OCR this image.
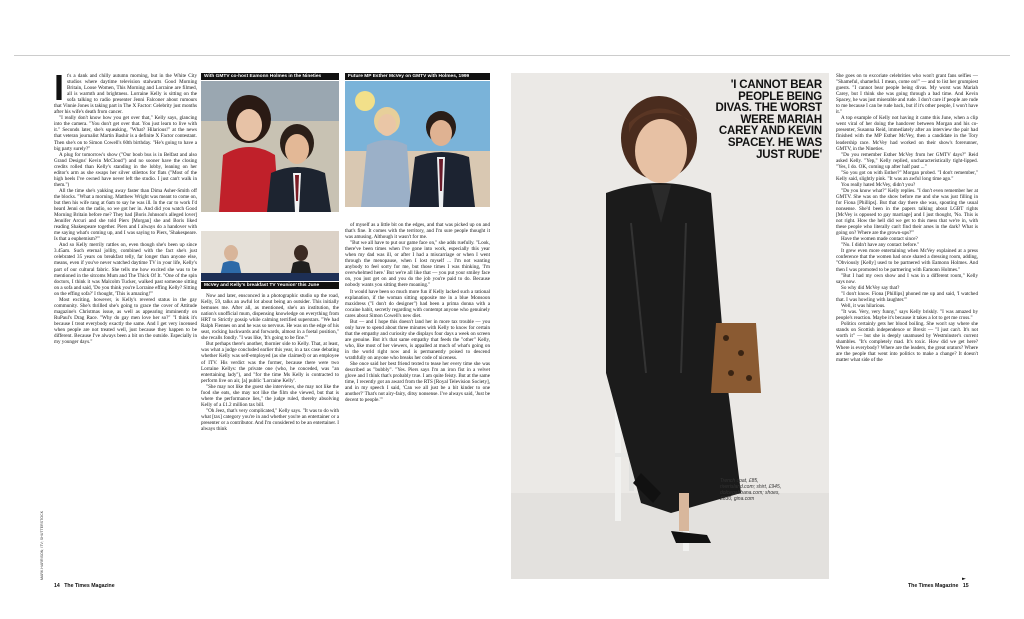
It's a dank and chilly autumn morning, but in the White City studios where daytime television stalwarts Good Morning Britain, Loose Women, This Morning and Lorraine are filmed, all is warmth and brightness. Lorraine Kelly is sitting on the sofa talking to radio presenter Jenni Falconer about rumours that Vinnie Jones is taking part in The X Factor: Celebrity just months after his wife's death from cancer.

"I really don't know how you get over that," Kelly says, glancing into the camera. "You don't get over that. You just learn to live with it." Seconds later, she's squeaking, "What? Hilarious!" at the news that veteran journalist Martin Bashir is a definite X Factor contestant. Then she's on to Simon Cowell's 60th birthday. "He's going to have a big party surely?"

A plug for tomorrow's show ("Our boob bus is in Belfast and also Grand Designs' Kevin McCloud") and no sooner have the closing credits rolled than Kelly's standing in the lobby, leaning on her editor's arm as she swaps her silver stilettos for flats ("Most of the high heels I've owned have never left the studio. I just can't walk in them.")

All the time she's yakking away faster than Dima Asher-Smith off the blocks. "What a morning. Matthew Wright was meant to come on, but then his wife rang at 6am to say he was ill. In the car to work I'd heard Jenni on the radio, so we got her in. And did you watch Good Morning Britain before me? They had [Boris Johnson's alleged lover] Jennifer Arcuri and she told Piers [Morgan] she and Boris liked reading Shakespeare together. Piers and I always do a handover with me saying what's coming up, and I was saying to Piers, 'Shakespeare. Is that a euphemism?'"

And so Kelly merrily rattles on, even though she's been up since 3.45am. Such eternal jollity, combined with the fact she's just celebrated 35 years on breakfast telly, far longer than anyone else, means, even if you've never watched daytime TV in your life, Kelly's part of our cultural fabric. She tells me how excited she was to be mentioned in the sitcoms Mum and The Thick Of It. "One of the spin doctors, I think it was Malcolm Tucker, walked past someone sitting on a sofa and said, 'Do you think you're Lorraine effing Kelly? Sitting on the effing sofa?' I thought, 'This is amazing!'"

Most exciting, however, is Kelly's revered status in the gay community. She's thrilled she's going to grace the cover of Attitude magazine's Christmas issue, as well as appearing imminently on RuPaul's Drag Race. "Why do gay men love her so?" "I think it's because I treat everybody exactly the same. And I get very incensed when people are not treated well, just because they happen to be different. Because I've always been a bit on the outside. Especially in my younger days."

MARK HARRISON; ITV; SHUTTERSTOCK
With GMTV co-host Eamonn Holmes in the Nineties
McVey and Kelly's breakfast TV 'reunion' this June

Now and later, ensconced in a photographic studio up the road, Kelly, 59, talks an awful lot about being an outsider. This initially bemuses me. After all, as mentioned, she's an institution, the nation's unofficial mum, dispensing knowledge on everything from HRT to Strictly gossip while calming terrified superstars. "We had Ralph Fiennes on and he was so nervous. He was on the edge of his seat, rocking backwards and forwards, almost in a foetal position," she recalls fondly. "I was like, 'It's going to be fine.'"

But perhaps there's another, thornier side to Kelly. That, at least, was what a judge concluded earlier this year, in a tax case debating whether Kelly was self-employed (as she claimed) or an employee of ITV. His verdict was the former, because there were two Lorraine Kellys: the private one (who, he conceded, was "an entertaining lady"), and "for the time Ms Kelly is contracted to perform live on air, [a] public 'Lorraine Kelly'.

"She may not like the guest she interviews, she may not like the food she eats, she may not like the film she viewed, but that is where the performance lies," the judge ruled, thereby absolving Kelly of a £1.2 million tax bill.

"Oh Jeez, that's very complicated," Kelly says. "It was to do with what [tax] category you're in and whether you're an entertainer or a presenter or a contributor. And I'm considered to be an entertainer. I always think

Future MP Esther McVey on GMTV with Holmes, 1999

of myself as a little bit on the edges, and that was picked up on and that's fine. It comes with the territory, and I'm sure people thought it was amusing. Although it wasn't for me.

"But we all have to put our game face on," she adds ruefully. "Look, there've been times when I've gone into work, especially this year when my dad was ill, or after I had a miscarriage or when I went through the menopause, when I lost myself ... I'm not wanting anybody to feel sorry for me, but those times I was thinking, 'I'm overwhelmed here.' But we're all like that — you put your smiley face on, you just get on and you do the job you're paid to do. Because nobody wants you sitting there moaning."

It would have been so much more fun if Kelly lacked such a rational explanation, if the woman sitting opposite me in a blue Monsoon maxidress ("I don't do designer") had been a prima donna with a cocaine habit, secretly regarding with contempt anyone who genuinely cares about Simon Cowell's new diet.

But — and I hope this doesn't land her in more tax trouble — you only have to spend about three minutes with Kelly to know for certain that the empathy and curiosity she displays four days a week on screen are genuine. But it's that same empathy that feeds the "other" Kelly, who, like most of her viewers, is appalled at much of what's going on in the world right now and is permanently poised to descend wrathfully on anyone who breaks her code of niceness.

She once said her best friend texted to tease her every time she was described as "bubbly". "Yes. Piers says I'm an iron fist in a velvet glove and I think that's probably true. I am quite feisty. But at the same time, I recently got an award from the RTS [Royal Television Society], and in my speech I said, 'Can we all just be a bit kinder to one another?' That's not airy-fairy, ditsy nonsense. I've always said, 'Just be decent to people.'"

'I CANNOT BEAR PEOPLE BEING DIVAS. THE WORST WERE MARIAH CAREY AND KEVIN SPACEY. HE WAS JUST RUDE'
Trench coat, £85, riverisland.com; shirt, £945, dolcegabbana.com; shoes, £630, gina.com

She goes on to excoriate celebrities who won't grant fans selfies — "Shameful, shameful. I mean, come on!" — and to list her grumpiest guests. "I cannot bear people being divas. My worst was Mariah Carey, but I think she was going through a bad time. And Kevin Spacey, he was just miserable and rude. I don't care if people are rude to me because I can be rude back, but if it's other people, I won't have it."

A top example of Kelly not having it came this June, when a clip went viral of her doing the handover between Morgan and his co-presenter, Susanna Reid, immediately after an interview the pair had finished with the MP Esther McVey, then a candidate in the Tory leadership race. McVey had worked on their show's forerunner, GMTV, in the Nineties.

"Do you remember Esther McVey from her GMTV days?" Reid asked Kelly. "Yep," Kelly replied, uncharacteristically tight-lipped. "Yes, I do. OK, coming up after half past ..."

"So you got on with Esther?" Morgan probed. "I don't remember," Kelly said, slightly pink. "It was an awful long time ago."

You really hated McVey, didn't you?

"Do you know what?" Kelly replies. "I don't even remember her at GMTV. She was on the show before me and she was just filling in for Fiona [Phillips]. But that day there she was, spouting the usual nonsense. She'd been in the papers talking about LGBT rights [McVey is opposed to gay marriage] and I just thought, 'No. This is not right. How the hell did we get to this mess that we're in, with these people who literally can't find their arses in the dark? What is going on? Where are the grown-ups?'"

Have the women made contact since?

"No. I didn't have any contact before."

It grew even more entertaining when McVey explained at a press conference that the women had once shared a dressing room, adding, "Obviously [Kelly] used to be partnered with Eamonn Holmes. And then I was promoted to be partnering with Eamonn Holmes."

"But I had my own show and I was in a different room," Kelly says now.

So why did McVey say that?

"I don't know. Fiona [Phillips] phoned me up and said, 'I watched that. I was howling with laughter.'"

Well, it was hilarious.

"It was. Very, very funny," says Kelly briskly. "I was amazed by people's reaction. Maybe it's because it takes a lot to get me cross."

Politics certainly gets her blood boiling. She won't say where she stands on Scottish independence or Brexit — "I just can't. It's not worth it" — but she is deeply unamused by Westminster's current shambles. "It's completely mad. It's toxic. How did we get here? Where is everybody? Where are the leaders, the great orators? Where are the people that went into politics to make a change? It doesn't matter what side of the

14 The Times Magazine	The Times Magazine 15
►
